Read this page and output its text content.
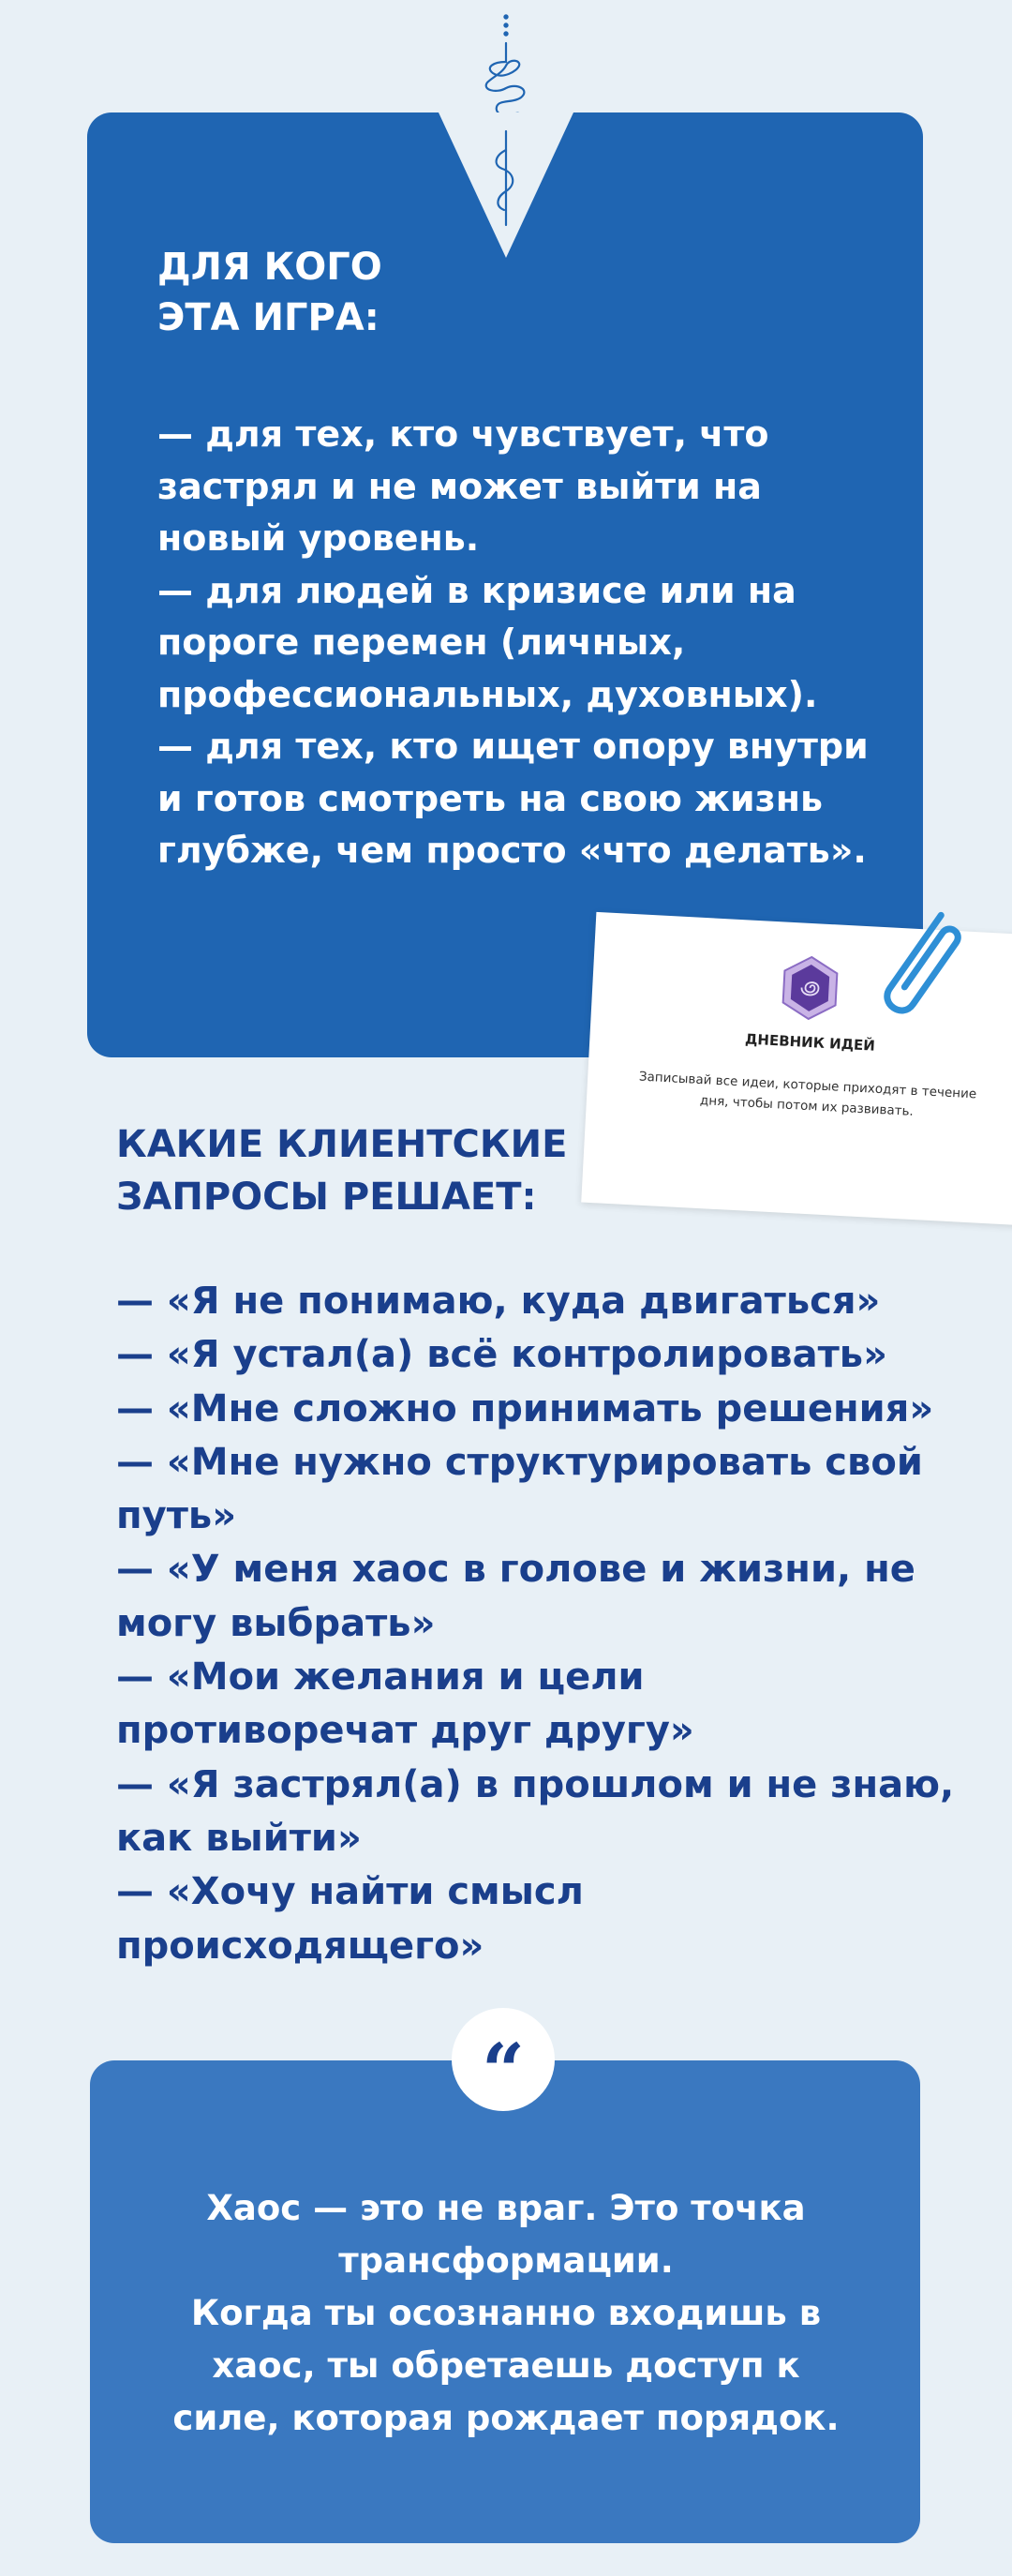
ДЛЯ КОГО
ЭТА ИГРА:
— для тех, кто чувствует, что
застрял и не может выйти на
новый уровень.
— для людей в кризисе или на
пороге перемен (личных,
профессиональных, духовных).
— для тех, кто ищет опору внутри
и готов смотреть на свою жизнь
глубже, чем просто «что делать».
ДНЕВНИК ИДЕЙ
Записывай все идеи, которые приходят в течение дня, чтобы потом их развивать.
КАКИЕ КЛИЕНТСКИЕ
ЗАПРОСЫ РЕШАЕТ:
— «Я не понимаю, куда двигаться»
— «Я устал(а) всё контролировать»
— «Мне сложно принимать решения»
— «Мне нужно структурировать свой
путь»
— «У меня хаос в голове и жизни, не
могу выбрать»
— «Мои желания и цели
противоречат друг другу»
— «Я застрял(а) в прошлом и не знаю,
как выйти»
— «Хочу найти смысл
происходящего»
“
Хаос — это не враг. Это точка
трансформации.
Когда ты осознанно входишь в
хаос, ты обретаешь доступ к
силе, которая рождает порядок.
